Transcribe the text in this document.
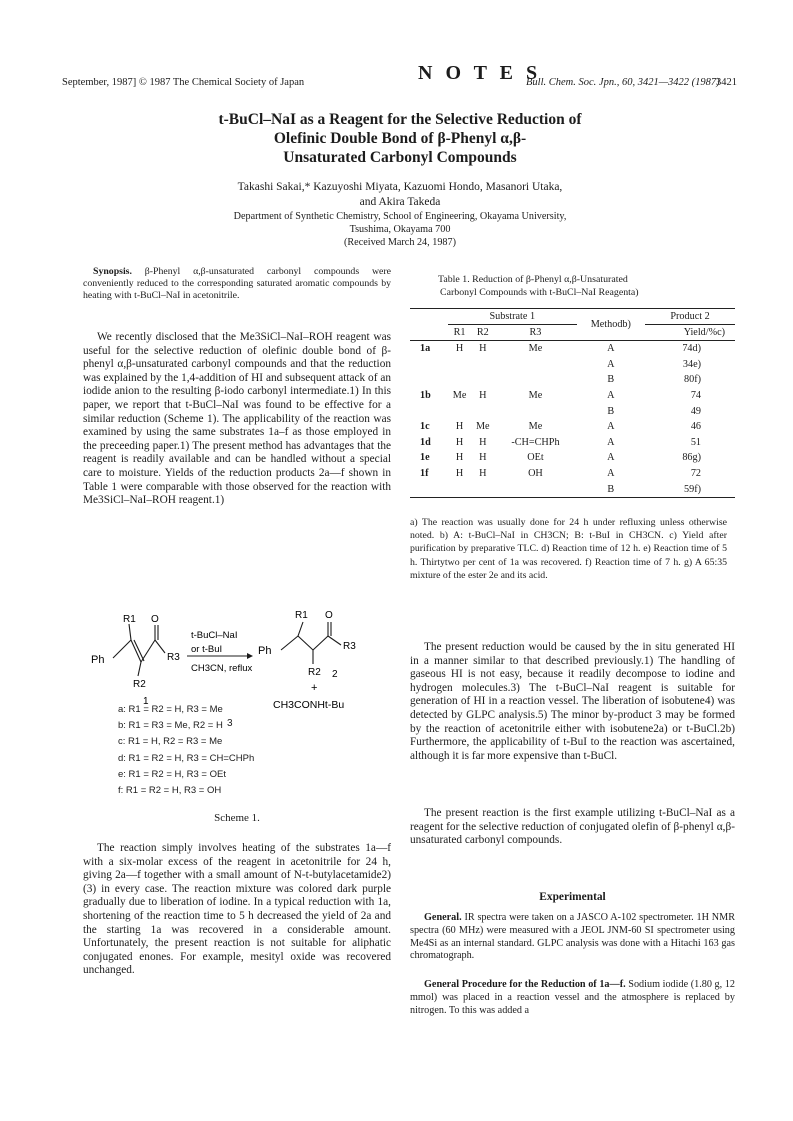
September, 1987] © 1987 The Chemical Society of Japan	N O T E S
Bull. Chem. Soc. Jpn., 60, 3421—3422 (1987)
3421
t-BuCl–NaI as a Reagent for the Selective Reduction of
Olefinic Double Bond of β-Phenyl α,β-
Unsaturated Carbonyl Compounds
Takashi Sakai,* Kazuyoshi Miyata, Kazuomi Hondo, Masanori Utaka,
and Akira Takeda
Department of Synthetic Chemistry, School of Engineering, Okayama University,
Tsushima, Okayama 700
(Received March 24, 1987)

Synopsis. β-Phenyl α,β-unsaturated carbonyl compounds were conveniently reduced to the corresponding saturated aromatic compounds by heating with t-BuCl–NaI in acetonitrile.

We recently disclosed that the Me3SiCl–NaI–ROH reagent was useful for the selective reduction of olefinic double bond of β-phenyl α,β-unsaturated carbonyl compounds and that the reduction was explained by the 1,4-addition of HI and subsequent attack of an iodide anion to the resulting β-iodo carbonyl intermediate.1) In this paper, we report that t-BuCl–NaI was found to be effective for a similar reduction (Scheme 1). The applicability of the reaction was examined by using the same substrates 1a–f as those employed in the preceeding paper.1) The present method has advantages that the reagent is readily available and can be handled without a special care to moisture. Yields of the reduction products 2a—f shown in Table 1 were comparable with those observed for the reaction with Me3SiCl–NaI–ROH reagent.1)

Ph
R1 O
R3
R2
1
t-BuCl–NaI
or t-BuI
CH3CN, reflux
Ph
R1 O
R3
R2 2
+
CH3CONHt-Bu
3
a: R1 = R2 = H, R3 = Me
b: R1 = R3 = Me, R2 = H
c: R1 = H, R2 = R3 = Me
d: R1 = R2 = H, R3 = CH=CHPh
e: R1 = R2 = H, R3 = OEt
f: R1 = R2 = H, R3 = OH
Scheme 1.

The reaction simply involves heating of the substrates 1a—f with a six-molar excess of the reagent in acetonitrile for 24 h, giving 2a—f together with a small amount of N-t-butylacetamide2) (3) in every case. The reaction mixture was colored dark purple gradually due to liberation of iodine. In a typical reduction with 1a, shortening of the reaction time to 5 h decreased the yield of 2a and the starting 1a was recovered in a considerable amount. Unfortunately, the present reaction is not suitable for aliphatic conjugated enones. For example, mesityl oxide was recovered unchanged.

Table 1. Reduction of β-Phenyl α,β-Unsaturated
Carbonyl Compounds with t-BuCl–NaI Reagenta)
	Substrate 1			Methodb)	Product 2
	R1	R2	R3		Yield/%c)
1a	H	H	Me	A	74d)
				A	34e)
				B	80f)
1b	Me	H	Me	A	74
				B	49
1c	H	Me	Me	A	46
1d	H	H	-CH=CHPh	A	51
1e	H	H	OEt	A	86g)
1f	H	H	OH	A	72
				B	59f)

a) The reaction was usually done for 24 h under refluxing unless otherwise noted. b) A: t-BuCl–NaI in CH3CN; B: t-BuI in CH3CN. c) Yield after purification by preparative TLC. d) Reaction time of 12 h. e) Reaction time of 5 h. Thirtytwo per cent of 1a was recovered. f) Reaction time of 7 h. g) A 65:35 mixture of the ester 2e and its acid.

The present reduction would be caused by the in situ generated HI in a manner similar to that described previously.1) The handling of gaseous HI is not easy, because it readily decompose to iodine and hydrogen molecules.3) The t-BuCl–NaI reagent is suitable for generation of HI in a reaction vessel. The liberation of isobutene4) was detected by GLPC analysis.5) The minor by-product 3 may be formed by the reaction of acetonitrile either with isobutene2a) or t-BuCl.2b) Furthermore, the applicability of t-BuI to the reaction was ascertained, although it is far more expensive than t-BuCl.

The present reaction is the first example utilizing t-BuCl–NaI as a reagent for the selective reduction of conjugated olefin of β-phenyl α,β-unsaturated carbonyl compounds.

Experimental

General. IR spectra were taken on a JASCO A-102 spectrometer. 1H NMR spectra (60 MHz) were measured with a JEOL JNM-60 SI spectrometer using Me4Si as an internal standard. GLPC analysis was done with a Hitachi 163 gas chromatograph.

General Procedure for the Reduction of 1a—f. Sodium iodide (1.80 g, 12 mmol) was placed in a reaction vessel and the atmosphere is replaced by nitrogen. To this was added a
